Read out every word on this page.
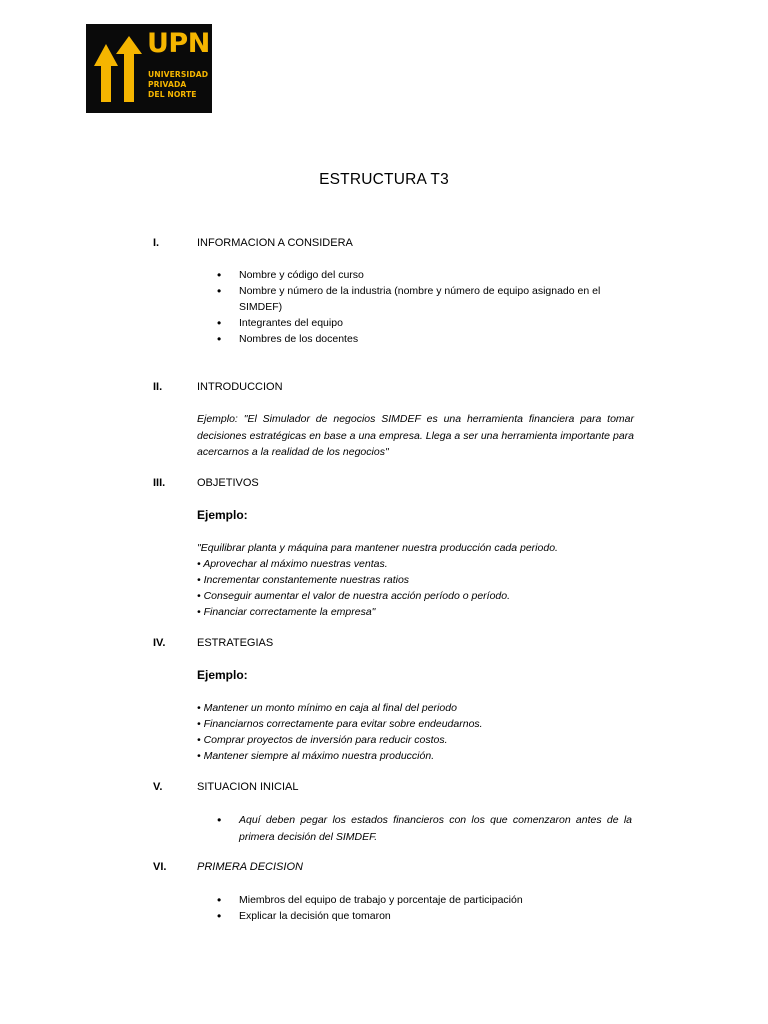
UPN
UNIVERSIDAD
PRIVADA
DEL NORTE
ESTRUCTURA T3
I.	INFORMACION A CONSIDERA
• Nombre y código del curso
• Nombre y número de la industria (nombre y número de equipo asignado en el SIMDEF)
• Integrantes del equipo
• Nombres de los docentes
II.	INTRODUCCION
Ejemplo: "El Simulador de negocios SIMDEF es una herramienta financiera para tomar decisiones estratégicas en base a una empresa. Llega a ser una herramienta importante para acercarnos a la realidad de los negocios"
III.	OBJETIVOS
Ejemplo:
"Equilibrar planta y máquina para mantener nuestra producción cada periodo.
• Aprovechar al máximo nuestras ventas.
• Incrementar constantemente nuestras ratios
• Conseguir aumentar el valor de nuestra acción período o período.
• Financiar correctamente la empresa"
IV.	ESTRATEGIAS
Ejemplo:
• Mantener un monto mínimo en caja al final del periodo
• Financiarnos correctamente para evitar sobre endeudarnos.
• Comprar proyectos de inversión para reducir costos.
• Mantener siempre al máximo nuestra producción.
V.	SITUACION INICIAL
• Aquí deben pegar los estados financieros con los que comenzaron antes de la primera decisión del SIMDEF.
VI.	PRIMERA DECISION
• Miembros del equipo de trabajo y porcentaje de participación
• Explicar la decisión que tomaron
